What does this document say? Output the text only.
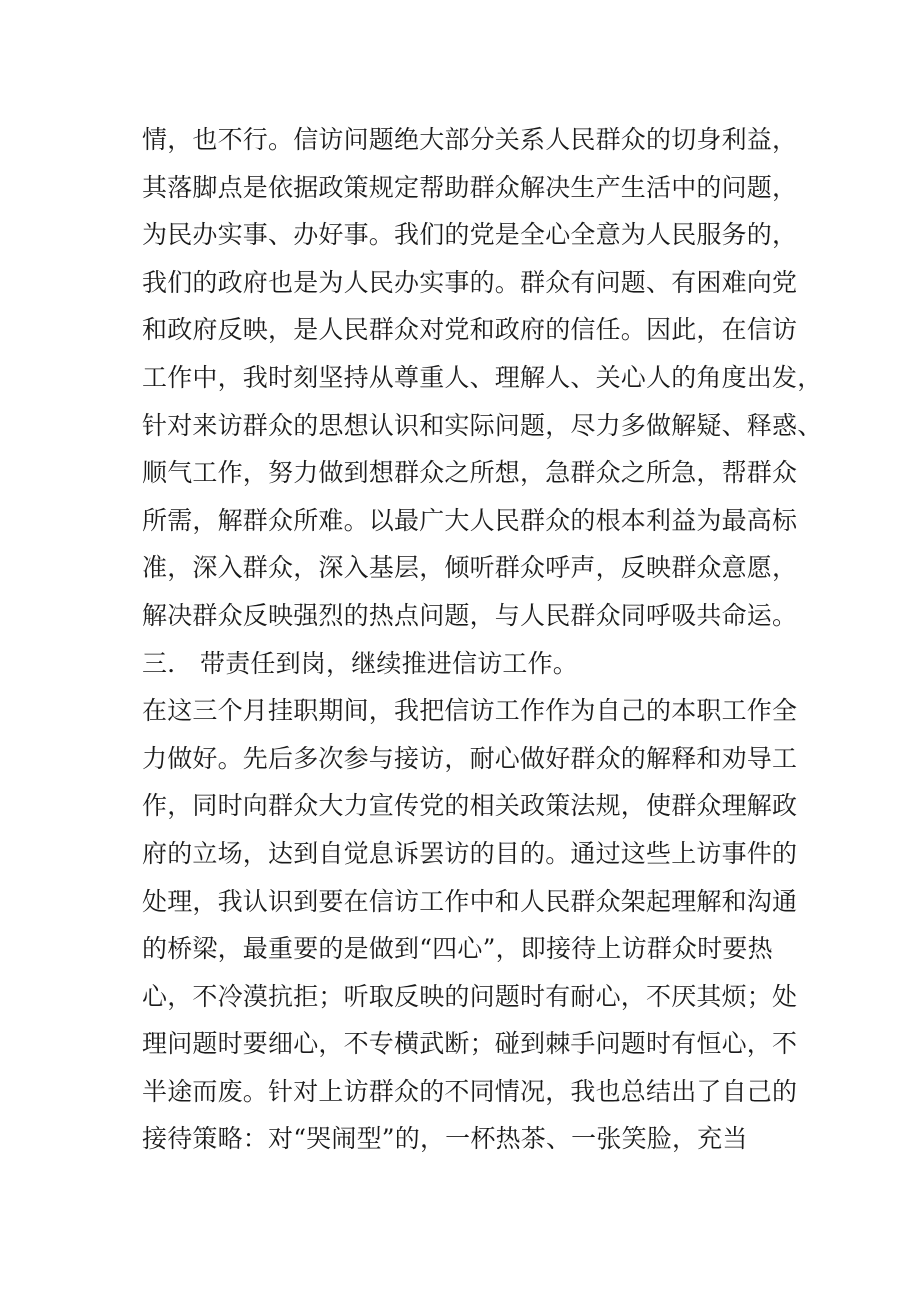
情，也不行。信访问题绝大部分关系人民群众的切身利益，
其落脚点是依据政策规定帮助群众解决生产生活中的问题，
为民办实事、办好事。我们的党是全心全意为人民服务的，
我们的政府也是为人民办实事的。群众有问题、有困难向党
和政府反映，是人民群众对党和政府的信任。因此，在信访
工作中，我时刻坚持从尊重人、理解人、关心人的角度出发，
针对来访群众的思想认识和实际问题，尽力多做解疑、释惑、
顺气工作，努力做到想群众之所想，急群众之所急，帮群众
所需，解群众所难。以最广大人民群众的根本利益为最高标
准，深入群众，深入基层，倾听群众呼声，反映群众意愿，
解决群众反映强烈的热点问题，与人民群众同呼吸共命运。
三． 带责任到岗，继续推进信访工作。
在这三个月挂职期间，我把信访工作作为自己的本职工作全
力做好。先后多次参与接访，耐心做好群众的解释和劝导工
作，同时向群众大力宣传党的相关政策法规，使群众理解政
府的立场，达到自觉息诉罢访的目的。通过这些上访事件的
处理，我认识到要在信访工作中和人民群众架起理解和沟通
的桥梁，最重要的是做到“四心”，即接待上访群众时要热
心，不冷漠抗拒；听取反映的问题时有耐心，不厌其烦；处
理问题时要细心，不专横武断；碰到棘手问题时有恒心，不
半途而废。针对上访群众的不同情况，我也总结出了自己的
接待策略：对“哭闹型”的，一杯热茶、一张笑脸，充当
